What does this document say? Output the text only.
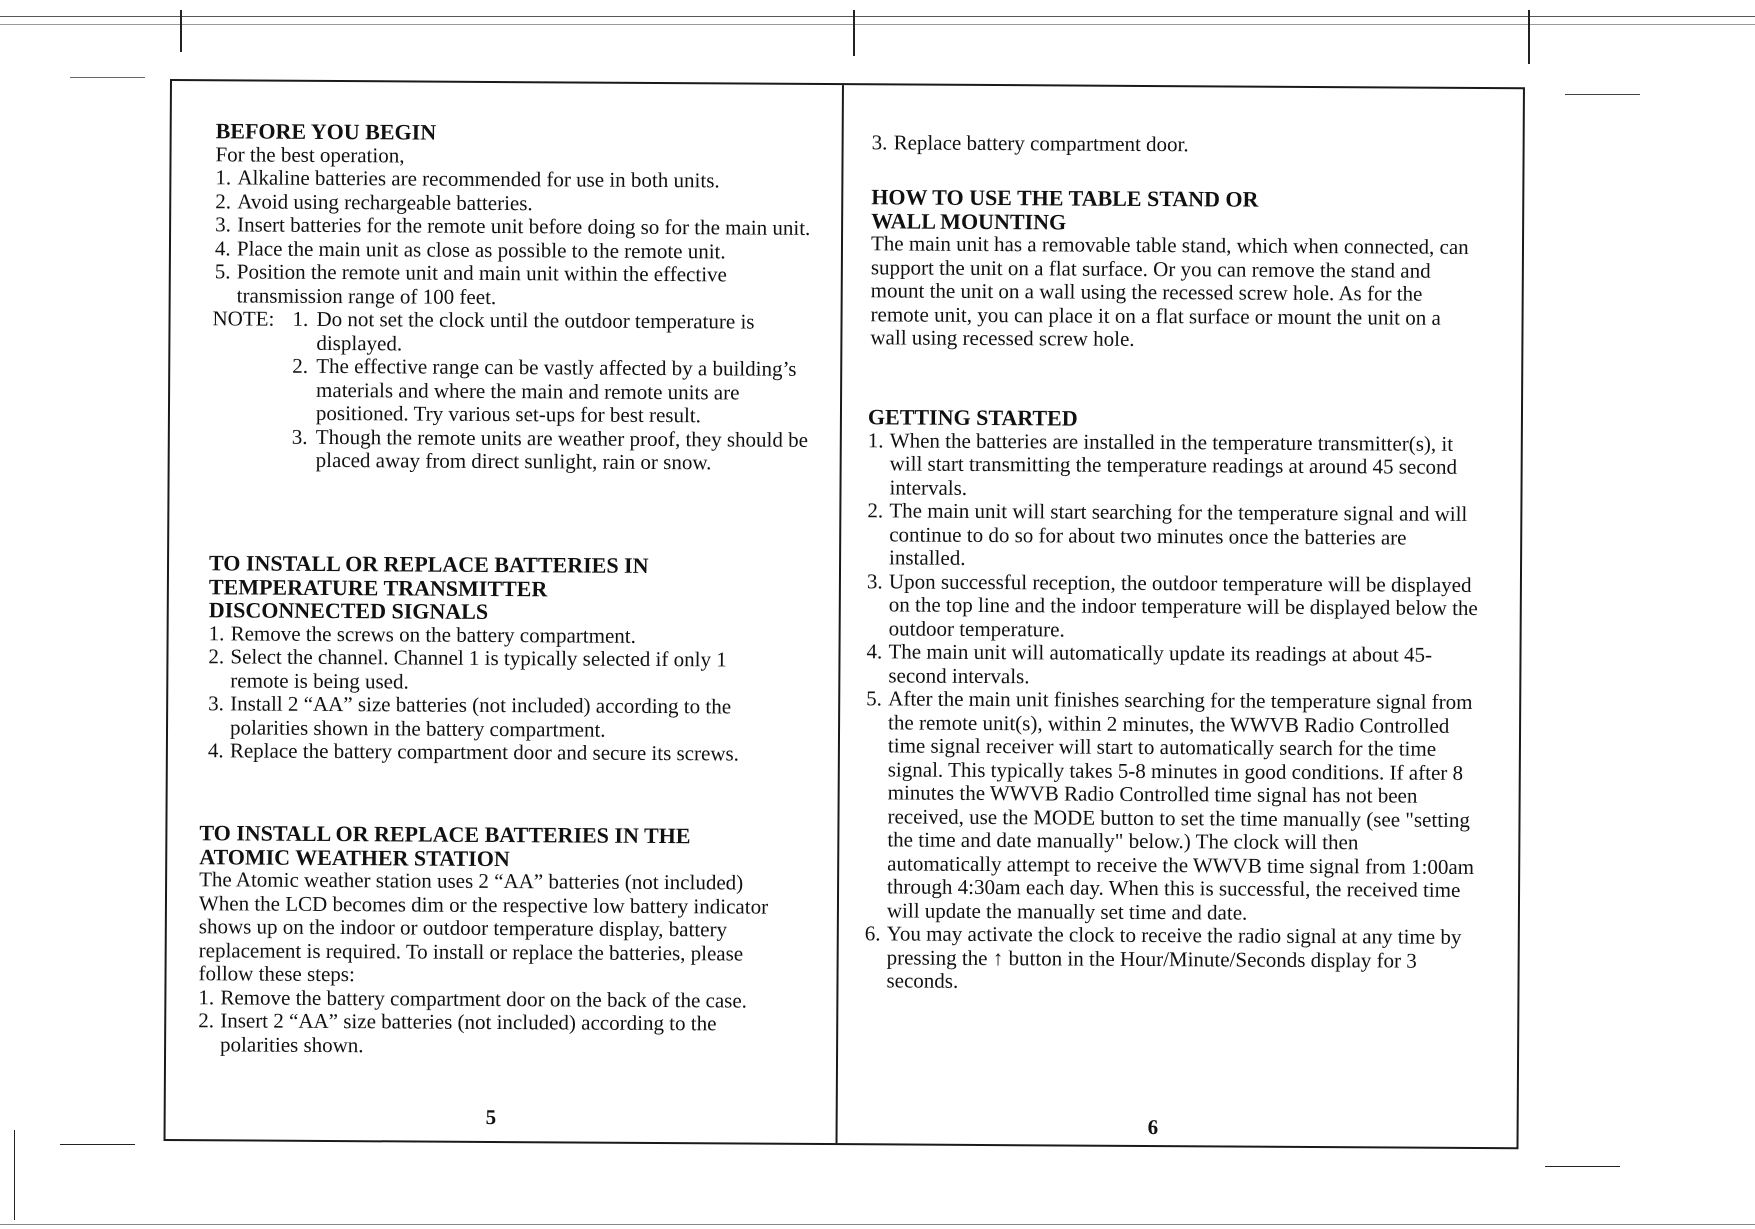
BEFORE YOU BEGIN
For the best operation,
1. Alkaline batteries are recommended for use in both units.
2. Avoid using rechargeable batteries.
3. Insert batteries for the remote unit before doing so for the main unit.
4. Place the main unit as close as possible to the remote unit.
5. Position the remote unit and main unit within the effective transmission range of 100 feet.
NOTE: 1. Do not set the clock until the outdoor temperature is displayed.
2. The effective range can be vastly affected by a building’s materials and where the main and remote units are positioned. Try various set-ups for best result.
3. Though the remote units are weather proof, they should be placed away from direct sunlight, rain or snow.
TO INSTALL OR REPLACE BATTERIES IN
TEMPERATURE TRANSMITTER
DISCONNECTED SIGNALS
1. Remove the screws on the battery compartment.
2. Select the channel. Channel 1 is typically selected if only 1 remote is being used.
3. Install 2 “AA” size batteries (not included) according to the polarities shown in the battery compartment.
4. Replace the battery compartment door and secure its screws.
TO INSTALL OR REPLACE BATTERIES IN THE
ATOMIC WEATHER STATION
The Atomic weather station uses 2 “AA” batteries (not included) When the LCD becomes dim or the respective low battery indicator shows up on the indoor or outdoor temperature display, battery replacement is required. To install or replace the batteries, please follow these steps:
1. Remove the battery compartment door on the back of the case.
2. Insert 2 “AA” size batteries (not included) according to the polarities shown.
5
3. Replace battery compartment door.
HOW TO USE THE TABLE STAND OR
WALL MOUNTING
The main unit has a removable table stand, which when connected, can support the unit on a flat surface. Or you can remove the stand and mount the unit on a wall using the recessed screw hole. As for the remote unit, you can place it on a flat surface or mount the unit on a wall using recessed screw hole.
GETTING STARTED
1. When the batteries are installed in the temperature transmitter(s), it will start transmitting the temperature readings at around 45 second intervals.
2. The main unit will start searching for the temperature signal and will continue to do so for about two minutes once the batteries are installed.
3. Upon successful reception, the outdoor temperature will be displayed on the top line and the indoor temperature will be displayed below the outdoor temperature.
4. The main unit will automatically update its readings at about 45-second intervals.
5. After the main unit finishes searching for the temperature signal from the remote unit(s), within 2 minutes, the WWVB Radio Controlled time signal receiver will start to automatically search for the time signal. This typically takes 5-8 minutes in good conditions. If after 8 minutes the WWVB Radio Controlled time signal has not been received, use the MODE button to set the time manually (see "setting the time and date manually" below.) The clock will then automatically attempt to receive the WWVB time signal from 1:00am through 4:30am each day. When this is successful, the received time will update the manually set time and date.
6. You may activate the clock to receive the radio signal at any time by pressing the ↑ button in the Hour/Minute/Seconds display for 3 seconds.
6
